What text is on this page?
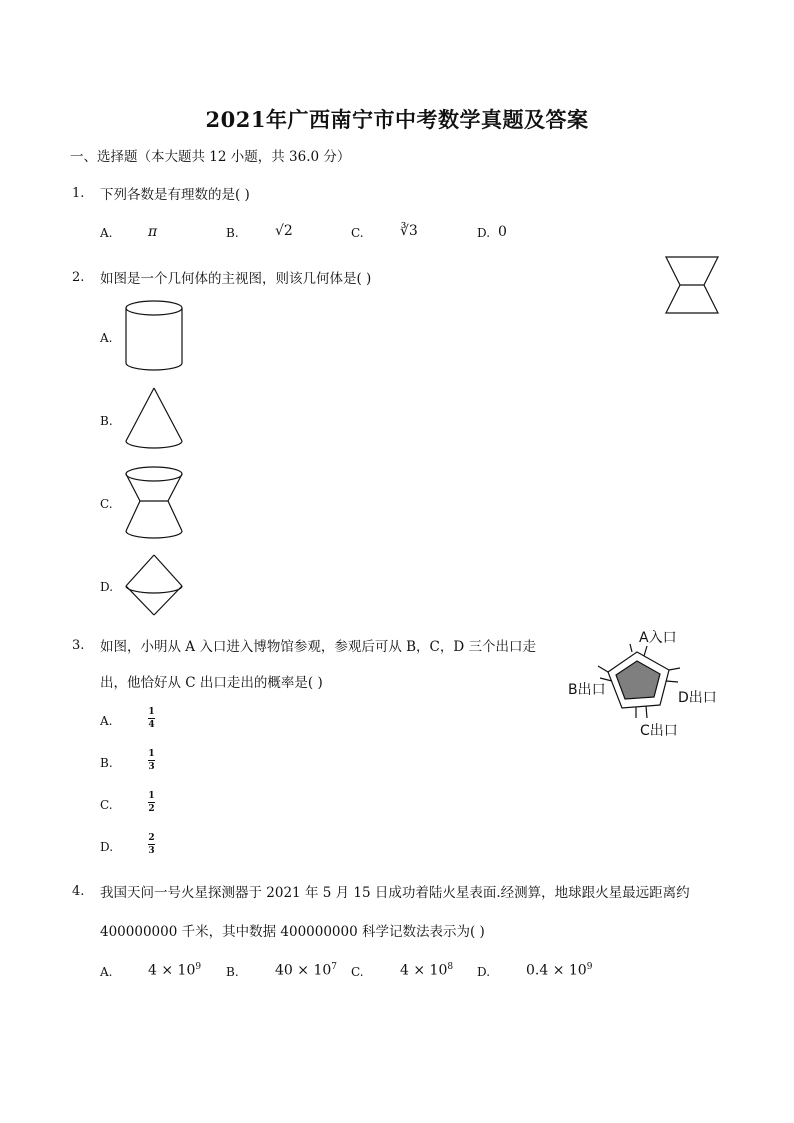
2021年广西南宁市中考数学真题及答案
一、选择题（本大题共 12 小题，共 36.0 分）
1. 下列各数是有理数的是( )
A.	π	B.	√2	C.	∛3	D. 0
2. 如图是一个几何体的主视图，则该几何体是( )
A.
B.
C.
D.
3. 如图，小明从 A 入口进入博物馆参观，参观后可从 B，C，D 三个出口走
出，他恰好从 C 出口走出的概率是( )
A入口
B出口	D出口
C出口
A.
1
4
B.
1
3
C.
1
2
D.
2
3
4. 我国天问一号火星探测器于 2021 年 5 月 15 日成功着陆火星表面.经测算，地球跟火星最远距离约
400000000 千米，其中数据 400000000 科学记数法表示为( )
A.	$4 \times 10^9$ B.	$40 \times 10^7$ C.	$4 \times 10^8$ D.	$0.4 \times 10^9$
